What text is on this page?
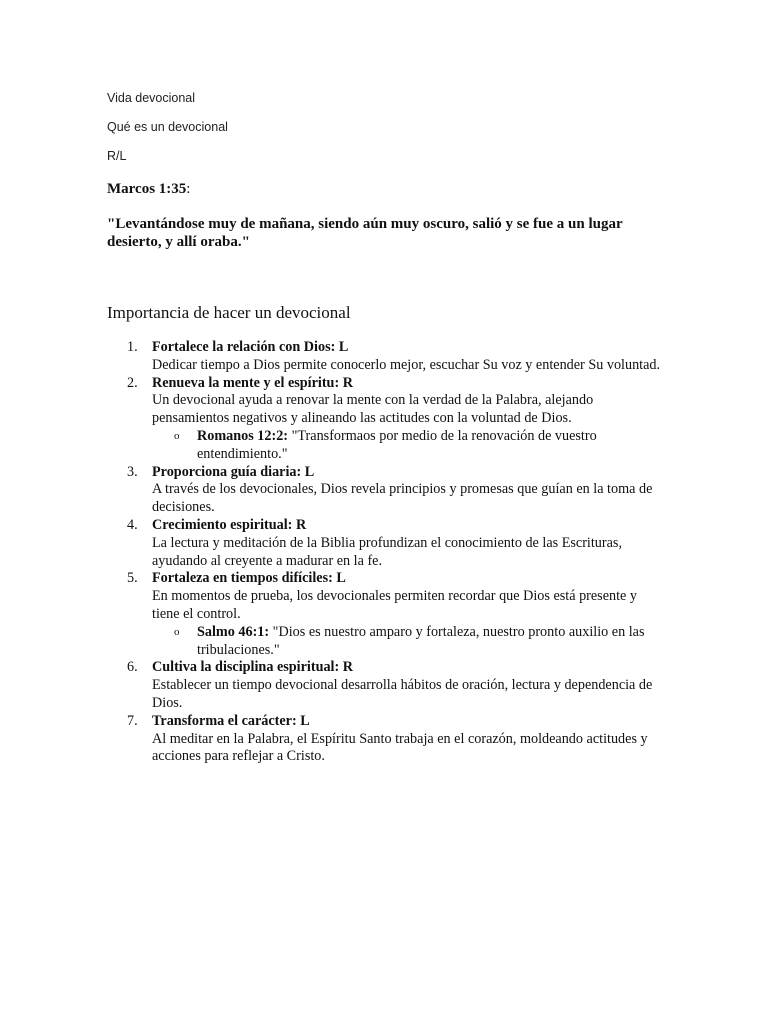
Vida devocional

Qué es un devocional

R/L

Marcos 1:35:

"Levantándose muy de mañana, siendo aún muy oscuro, salió y se fue a un lugar desierto, y allí oraba."

Importancia de hacer un devocional
1. Fortalece la relación con Dios: L
Dedicar tiempo a Dios permite conocerlo mejor, escuchar Su voz y entender Su voluntad.
2. Renueva la mente y el espíritu: R
Un devocional ayuda a renovar la mente con la verdad de la Palabra, alejando pensamientos negativos y alineando las actitudes con la voluntad de Dios.
o Romanos 12:2: "Transformaos por medio de la renovación de vuestro entendimiento."
3. Proporciona guía diaria: L
A través de los devocionales, Dios revela principios y promesas que guían en la toma de decisiones.
4. Crecimiento espiritual: R
La lectura y meditación de la Biblia profundizan el conocimiento de las Escrituras, ayudando al creyente a madurar en la fe.
5. Fortaleza en tiempos difíciles: L
En momentos de prueba, los devocionales permiten recordar que Dios está presente y tiene el control.
o Salmo 46:1: "Dios es nuestro amparo y fortaleza, nuestro pronto auxilio en las tribulaciones."
6. Cultiva la disciplina espiritual: R
Establecer un tiempo devocional desarrolla hábitos de oración, lectura y dependencia de Dios.
7. Transforma el carácter: L
Al meditar en la Palabra, el Espíritu Santo trabaja en el corazón, moldeando actitudes y acciones para reflejar a Cristo.
